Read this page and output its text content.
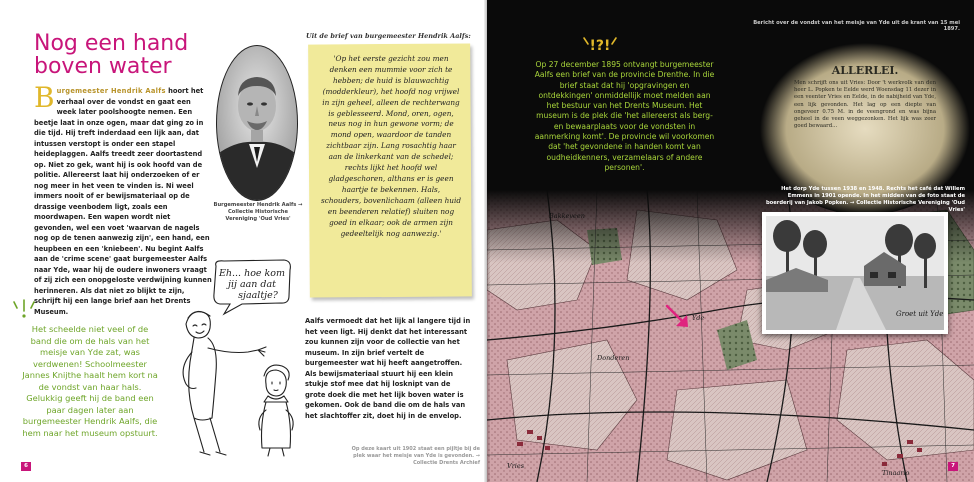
Nog een hand boven water
Burgemeester Hendrik Aalfs hoort het verhaal over de vondst en gaat een week later poolshoogte nemen. Een beetje laat in onze ogen, maar dat ging zo in die tijd. Hij treft inderdaad een lijk aan, dat intussen verstopt is onder een stapel heideplaggen. Aalfs treedt zeer doortastend op. Niet zo gek, want hij is ook hoofd van de politie. Allereerst laat hij onderzoeken of er nog meer in het veen te vinden is. Ni weel immers nooit of er bewijsmateriaal op de drassige veenbodem ligt, zoals een moordwapen. Een wapen wordt niet gevonden, wel een voet 'waarvan de nagels nog op de tenen aanwezig zijn', een hand, een heupbeen en een 'kniebeen'. Nu begint Aalfs aan de 'crime scene' gaat burgemeester Aalfs naar Yde, waar hij de oudere inwoners vraagt of zij zich een onopgeloste verdwijning kunnen herinneren. Als dat niet zo blijkt te zijn, schrijft hij een lange brief aan het Drents Museum.
Burgemeester Hendrik Aalfs → Collectie Historische Vereniging 'Oud Vries'
Uit de brief van burgemeester Hendrik Aalfs:
'Op het eerste gezicht zou men denken een mummie voor zich te hebben; de huid is blauwachtig (modderkleur), het hoofd nog vrijwel in zijn geheel, alleen de rechterwang is geblesseerd. Mond, oren, ogen, neus nog in hun gewone vorm; de mond open, waardoor de tanden zichtbaar zijn. Lang rosachtig haar aan de linkerkant van de schedel; rechts lijkt het hoofd wel gladgeschoren, althans er is geen haartje te bekennen. Hals, schouders, bovenlichaam (alleen huid en beenderen relatief) sluiten nog goed in elkaar; ook de armen zijn gedeeltelijk nog aanwezig.'
Eh... hoe kom
jij aan dat
sjaaltje?
Het scheelde niet veel of de band die om de hals van het meisje van Yde zat, was verdwenen! Schoolmeester Jannes Knijthe haalt hem kort na de vondst van haar hals. Gelukkig geeft hij de band een paar dagen later aan burgemeester Hendrik Aalfs, die hem naar het museum opstuurt.
Aalfs vermoedt dat het lijk al langere tijd in het veen ligt. Hij denkt dat het interessant zou kunnen zijn voor de collectie van het museum. In zijn brief vertelt de burgemeester wat hij heeft aangetroffen. Als bewijsmateriaal stuurt hij een klein stukje stof mee dat hij losknipt van de grote doek die met het lijk boven water is gekomen. Ook de band die om de hals van het slachtoffer zit, doet hij in de envelop.
Op deze kaart uit 1902 staat een pijltje bij de plek waar het meisje van Yde is gevonden. → Collectie Drents Archief
6
!?!
Op 27 december 1895 ontvangt burgemeester Aalfs een brief van de provincie Drenthe. In die brief staat dat hij 'opgravingen en ontdekkingen' onmiddellijk moet melden aan het bestuur van het Drents Museum. Het museum is de plek die 'het allereerst als berg- en bewaarplaats voor de vondsten in aanmerking komt'. De provincie wil voorkomen dat 'het gevondene in handen komt van oudheidkenners, verzamelaars of andere personen'.
Bericht over de vondst van het meisje van Yde uit de krant van 15 mei 1897.
ALLERLEI.
Men schrijft ons uit Vries: Door 't werkvolk van den heer L. Popken te Eelde werd Woensdag 11 dezer in een veenter Vries en Eelde, in de nabijheid van Yde, een lijk gevonden. Het lag op een diepte van ongeveer 0.75 M. in de veengrond en was bijna geheel in de veen weggezonken. Het lijk was zeer goed bewaard...
Het dorp Yde tussen 1938 en 1948. Rechts het café dat Willem Emmens in 1901 opende. In het midden van de foto staat de boerderij van Jakob Popken. → Collectie Historische Vereniging 'Oud Vries'
Groet uit Yde
7
